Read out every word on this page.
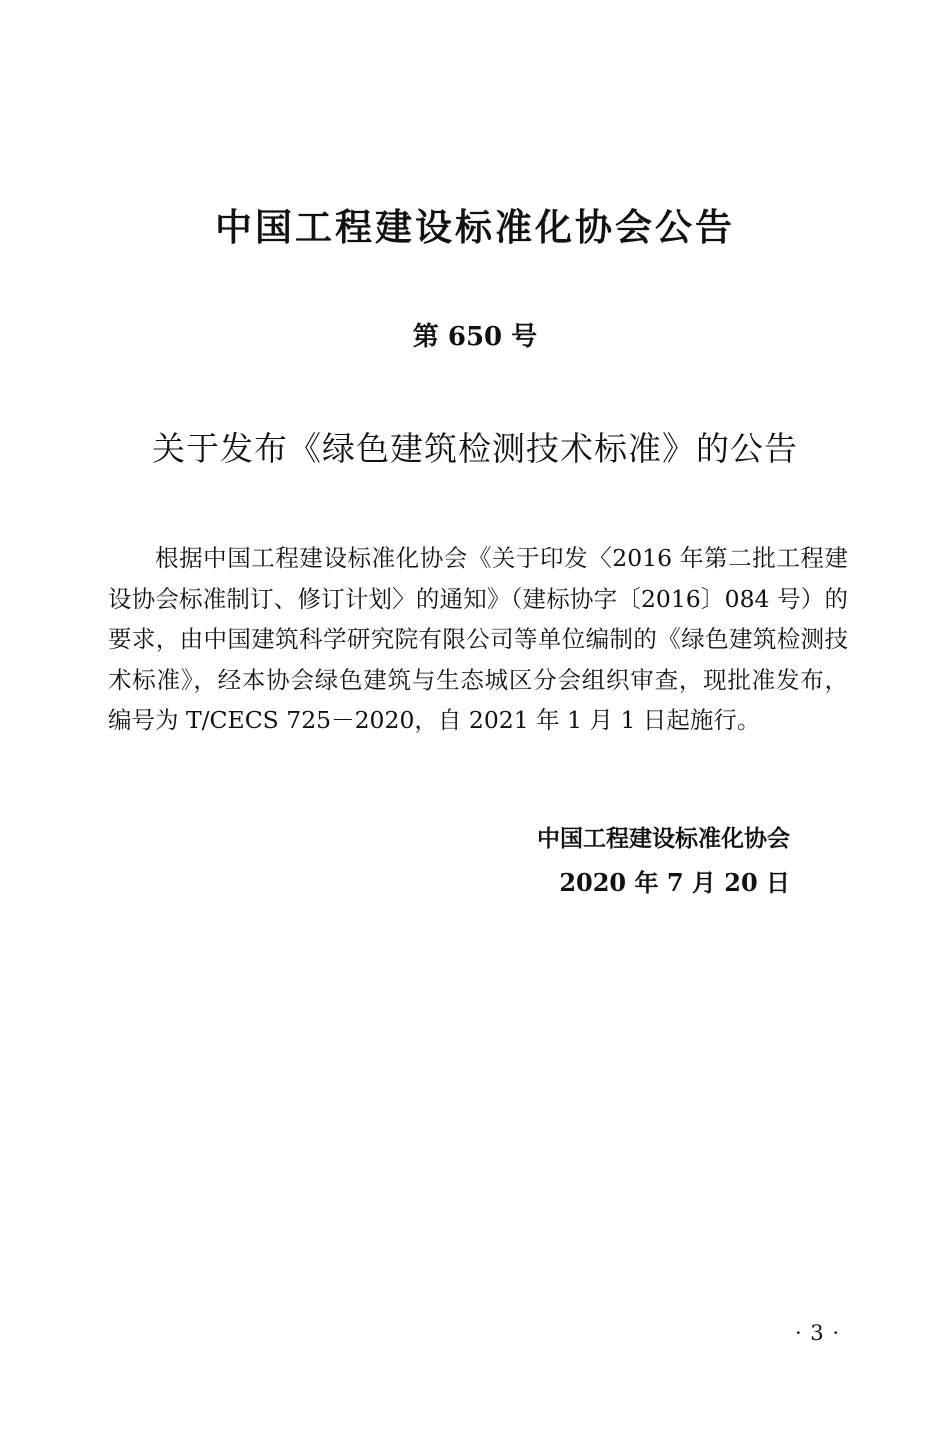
中国工程建设标准化协会公告
第 650 号
关于发布《绿色建筑检测技术标准》的公告
根据中国工程建设标准化协会《关于印发〈2016 年第二批工程建设协会标准制订、修订计划〉的通知》（建标协字〔2016〕084 号）的要求，由中国建筑科学研究院有限公司等单位编制的《绿色建筑检测技术标准》，经本协会绿色建筑与生态城区分会组织审查，现批准发布，编号为 T/CECS 725－2020，自 2021 年 1 月 1 日起施行。
中国工程建设标准化协会
2020 年 7 月 20 日
· 3 ·
